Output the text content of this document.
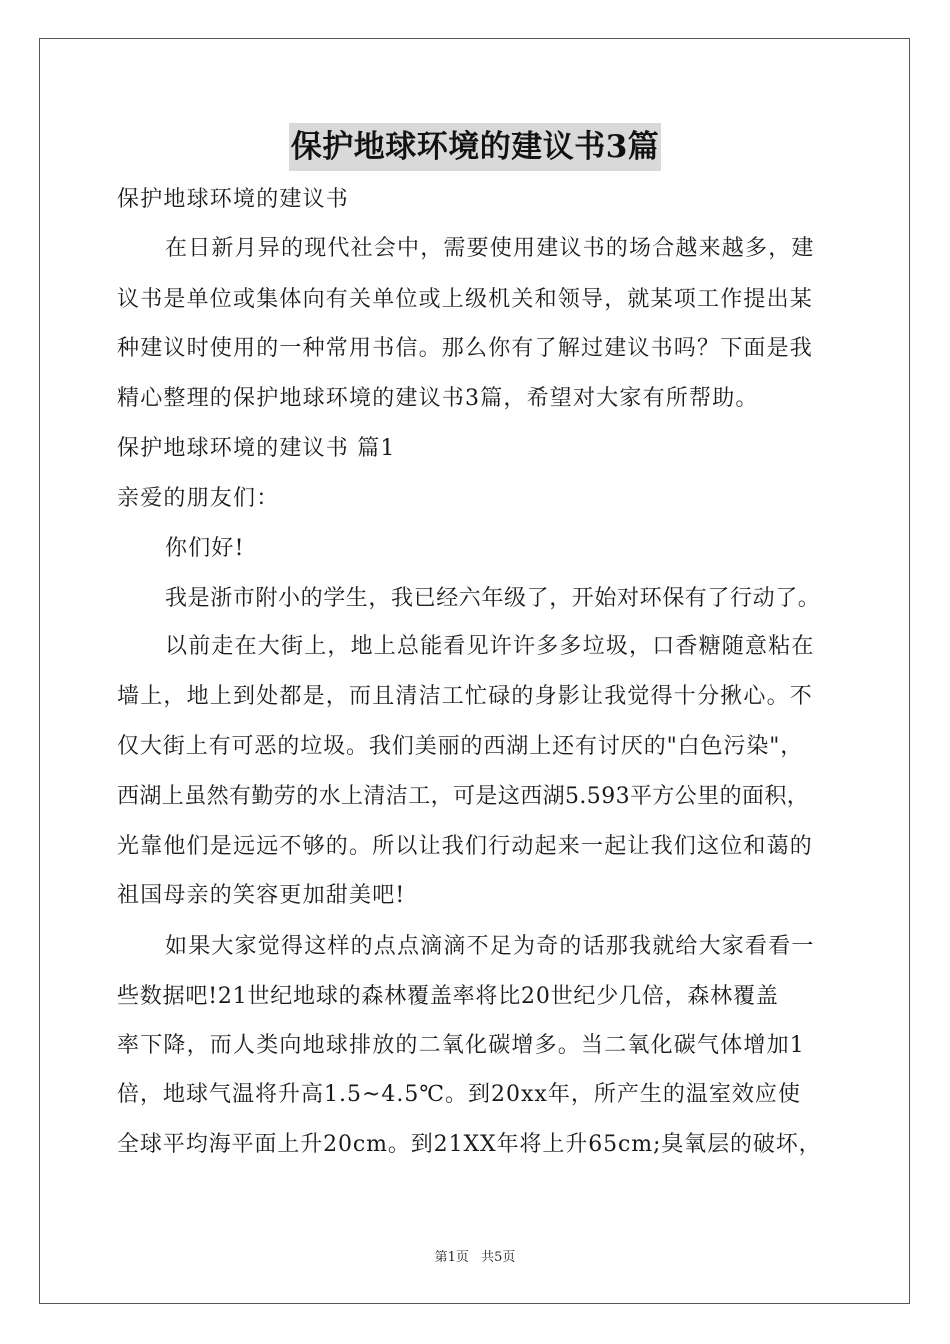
保护地球环境的建议书3篇
保护地球环境的建议书
在日新月异的现代社会中，需要使用建议书的场合越来越多，建
议书是单位或集体向有关单位或上级机关和领导，就某项工作提出某
种建议时使用的一种常用书信。那么你有了解过建议书吗？下面是我
精心整理的保护地球环境的建议书3篇，希望对大家有所帮助。
保护地球环境的建议书 篇1
亲爱的朋友们：
你们好!
我是浙市附小的学生，我已经六年级了，开始对环保有了行动了。
以前走在大街上，地上总能看见许许多多垃圾，口香糖随意粘在
墙上，地上到处都是，而且清洁工忙碌的身影让我觉得十分揪心。不
仅大街上有可恶的垃圾。我们美丽的西湖上还有讨厌的"白色污染"，
西湖上虽然有勤劳的水上清洁工，可是这西湖5.593平方公里的面积，
光靠他们是远远不够的。所以让我们行动起来一起让我们这位和蔼的
祖国母亲的笑容更加甜美吧!
如果大家觉得这样的点点滴滴不足为奇的话那我就给大家看看一
些数据吧!21世纪地球的森林覆盖率将比20世纪少几倍，森林覆盖
率下降，而人类向地球排放的二氧化碳增多。当二氧化碳气体增加1
倍，地球气温将升高1.5~4.5℃。到20xx年，所产生的温室效应使
全球平均海平面上升20cm。到21XX年将上升65cm;臭氧层的破坏，
第1页 共5页
